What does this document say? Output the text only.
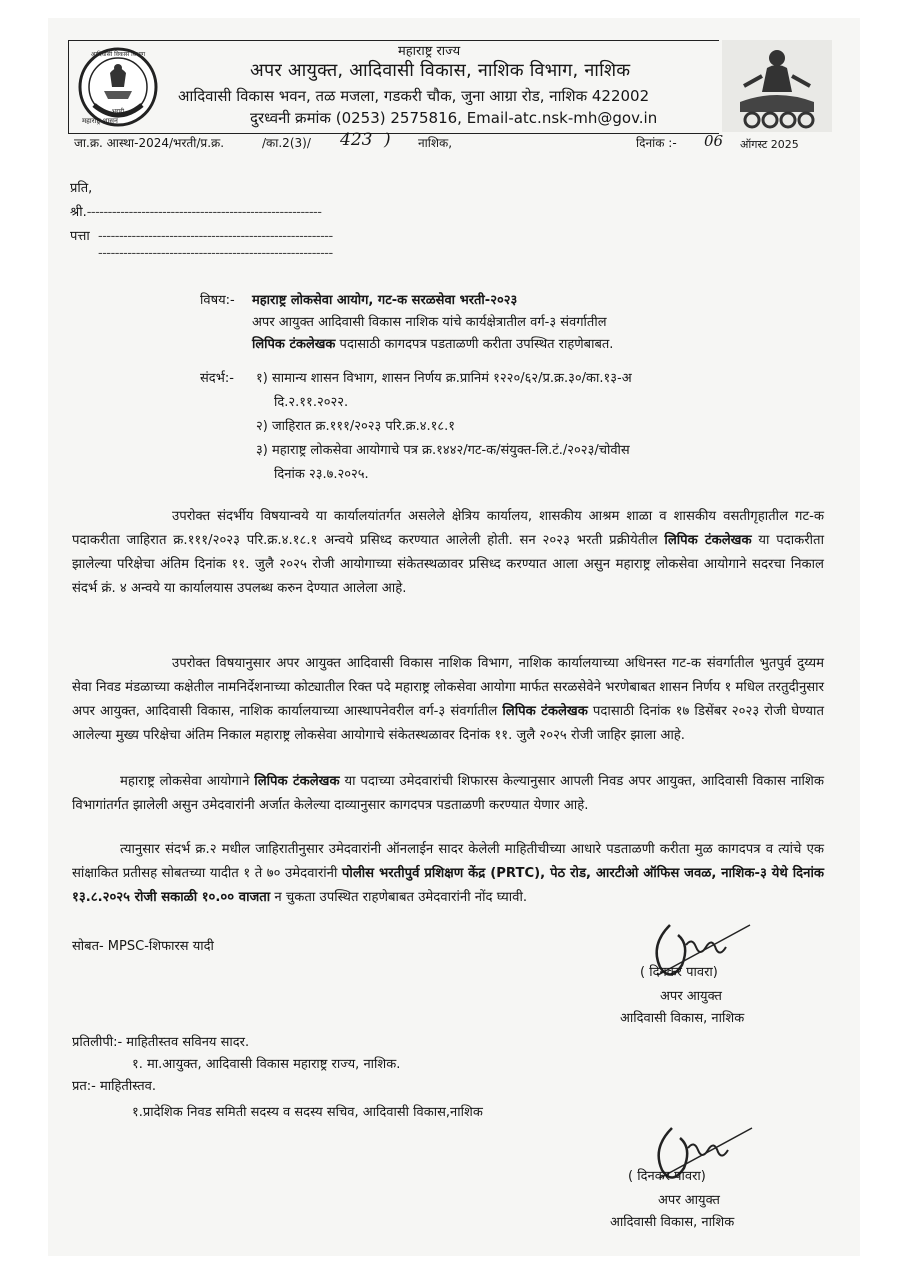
आदिवासी विकास विभाग
भरारी
महाराष्ट्र शासन
महाराष्ट्र राज्य
अपर आयुक्त, आदिवासी विकास, नाशिक विभाग, नाशिक
आदिवासी विकास भवन, तळ मजला, गडकरी चौक, जुना आग्रा रोड, नाशिक 422002
दुरध्वनी क्रमांक (0253) 2575816, Email-atc.nsk-mh@gov.in
जा.क्र. आस्था-2024/भरती/प्र.क्र.	/का.2(3)/ 423 ) नाशिक,	दिनांक :- 06 ऑगस्ट 2025
प्रति,
श्री.--------------------------------------------------------
पत्ता --------------------------------------------------------
--------------------------------------------------------
विषय:- महाराष्ट्र लोकसेवा आयोग, गट-क सरळसेवा भरती-२०२३
अपर आयुक्त आदिवासी विकास नाशिक यांचे कार्यक्षेत्रातील वर्ग-३ संवर्गातील
लिपिक टंकलेखक पदासाठी कागदपत्र पडताळणी करीता उपस्थित राहणेबाबत.
संदर्भ:- १) सामान्य शासन विभाग, शासन निर्णय क्र.प्रानिमं १२२०/६२/प्र.क्र.३०/का.१३-अ
दि.२.११.२०२२.
२) जाहिरात क्र.१११/२०२३ परि.क्र.४.१८.१
३) महाराष्ट्र लोकसेवा आयोगाचे पत्र क्र.१४४२/गट-क/संयुक्त-लि.टं./२०२३/चोवीस
दिनांक २३.७.२०२५.
उपरोक्त संदर्भीय विषयान्वये या कार्यालयांतर्गत असलेले क्षेत्रिय कार्यालय, शासकीय आश्रम शाळा व शासकीय वसतीगृहातील गट-क पदाकरीता जाहिरात क्र.१११/२०२३ परि.क्र.४.१८.१ अन्वये प्रसिध्द करण्यात आलेली होती. सन २०२३ भरती प्रक्रीयेतील लिपिक टंकलेखक या पदाकरीता झालेल्या परिक्षेचा अंतिम दिनांक ११. जुलै २०२५ रोजी आयोगाच्या संकेतस्थळावर प्रसिध्द करण्यात आला असुन महाराष्ट्र लोकसेवा आयोगाने सदरचा निकाल संदर्भ क्रं. ४ अन्वये या कार्यालयास उपलब्ध करुन देण्यात आलेला आहे.
उपरोक्त विषयानुसार अपर आयुक्त आदिवासी विकास नाशिक विभाग, नाशिक कार्यालयाच्या अधिनस्त गट-क संवर्गातील भुतपुर्व दुय्यम सेवा निवड मंडळाच्या कक्षेतील नामनिर्देशनाच्या कोट्यातील रिक्त पदे महाराष्ट्र लोकसेवा आयोगा मार्फत सरळसेवेने भरणेबाबत शासन निर्णय १ मधिल तरतुदीनुसार अपर आयुक्त, आदिवासी विकास, नाशिक कार्यालयाच्या आस्थापनेवरील वर्ग-३ संवर्गातील लिपिक टंकलेखक पदासाठी दिनांक १७ डिसेंबर २०२३ रोजी घेण्यात आलेल्या मुख्य परिक्षेचा अंतिम निकाल महाराष्ट्र लोकसेवा आयोगाचे संकेतस्थळावर दिनांक ११. जुलै २०२५ रोजी जाहिर झाला आहे.
महाराष्ट्र लोकसेवा आयोगाने लिपिक टंकलेखक या पदाच्या उमेदवारांची शिफारस केल्यानुसार आपली निवड अपर आयुक्त, आदिवासी विकास नाशिक विभागांतर्गत झालेली असुन उमेदवारांनी अर्जात केलेल्या दाव्यानुसार कागदपत्र पडताळणी करण्यात येणार आहे.
त्यानुसार संदर्भ क्र.२ मधील जाहिरातीनुसार उमेदवारांनी ऑनलाईन सादर केलेली माहितीचीच्या आधारे पडताळणी करीता मुळ कागदपत्र व त्यांचे एक सांक्षाकित प्रतीसह सोबतच्या यादीत १ ते ७० उमेदवारांनी पोलीस भरतीपुर्व प्रशिक्षण केंद्र (PRTC), पेठ रोड, आरटीओ ऑफिस जवळ, नाशिक-३ येथे दिनांक १३.८.२०२५ रोजी सकाळी १०.०० वाजता न चुकता उपस्थित राहणेबाबत उमेदवारांनी नोंद घ्यावी.
सोबत- MPSC-शिफारस यादी
( दिनकर पावरा)
अपर आयुक्त
आदिवासी विकास, नाशिक
प्रतिलीपी:- माहितीस्तव सविनय सादर.
१. मा.आयुक्त, आदिवासी विकास महाराष्ट्र राज्य, नाशिक.
प्रत:- माहितीस्तव.
१.प्रादेशिक निवड समिती सदस्य व सदस्य सचिव, आदिवासी विकास,नाशिक
( दिनकर पावरा)
अपर आयुक्त
आदिवासी विकास, नाशिक
